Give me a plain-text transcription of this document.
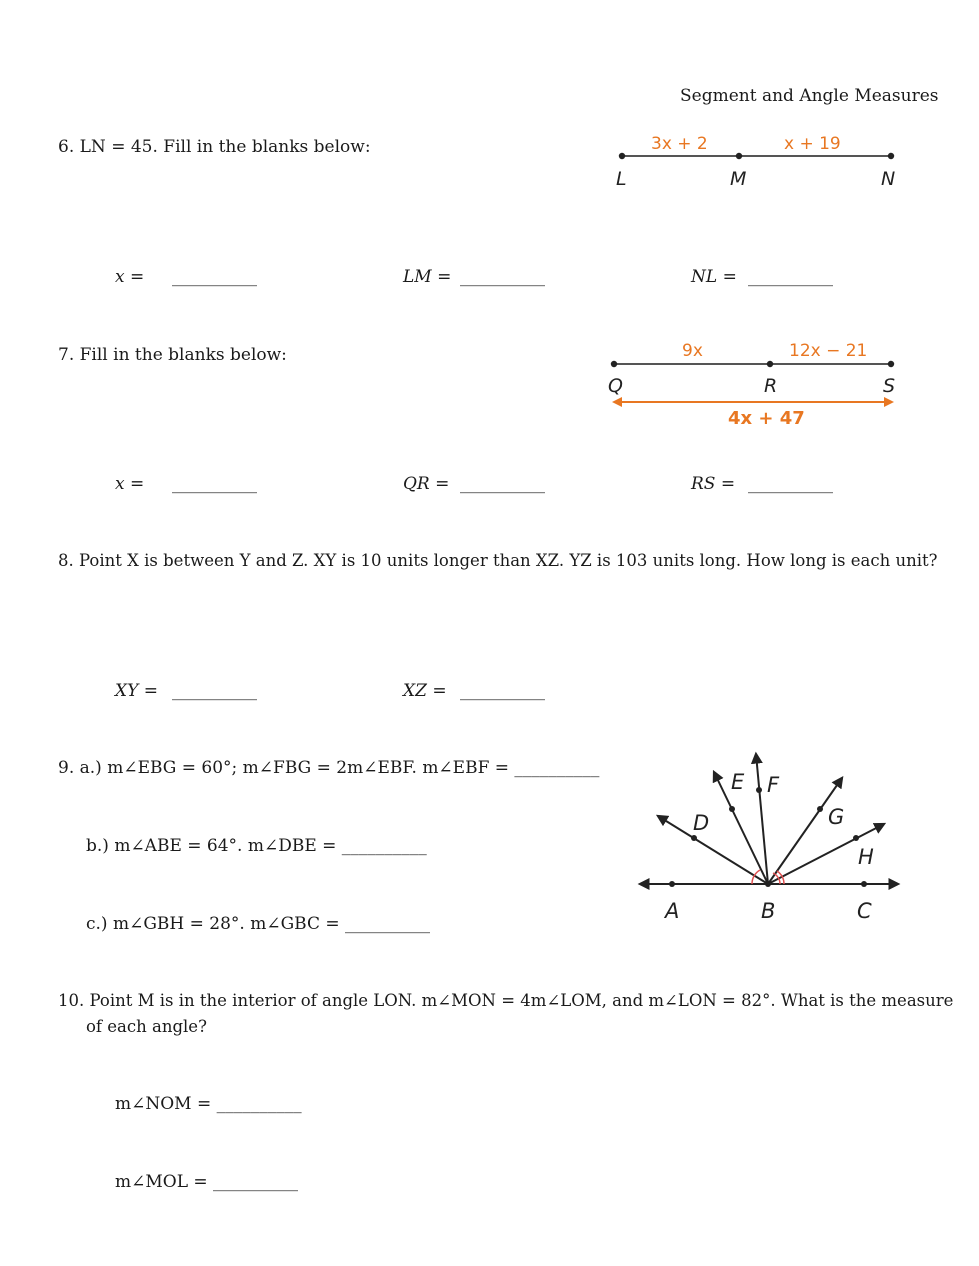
Segment and Angle Measures
6. LN = 45. Fill in the blanks below:	3x + 2	x + 19
L	M	N
x = __________	LM = __________	NL = __________
7. Fill in the blanks below:	9x	12x − 21
Q	R	S
4x + 47
x = __________	QR = __________	RS = __________
8. Point X is between Y and Z. XY is 10 units longer than XZ. YZ is 103 units long. How long is each unit?
XY = __________	XZ = __________
9. a.) m∠EBG = 60°; m∠FBG = 2m∠EBF. m∠EBF = __________
b.) m∠ABE = 64°. m∠DBE = __________
c.) m∠GBH = 28°. m∠GBC = __________
A	B	C
D
E F
G
H
10. Point M is in the interior of angle LON. m∠MON = 4m∠LOM, and m∠LON = 82°. What is the measure
of each angle?
m∠NOM = __________
m∠MOL = __________
